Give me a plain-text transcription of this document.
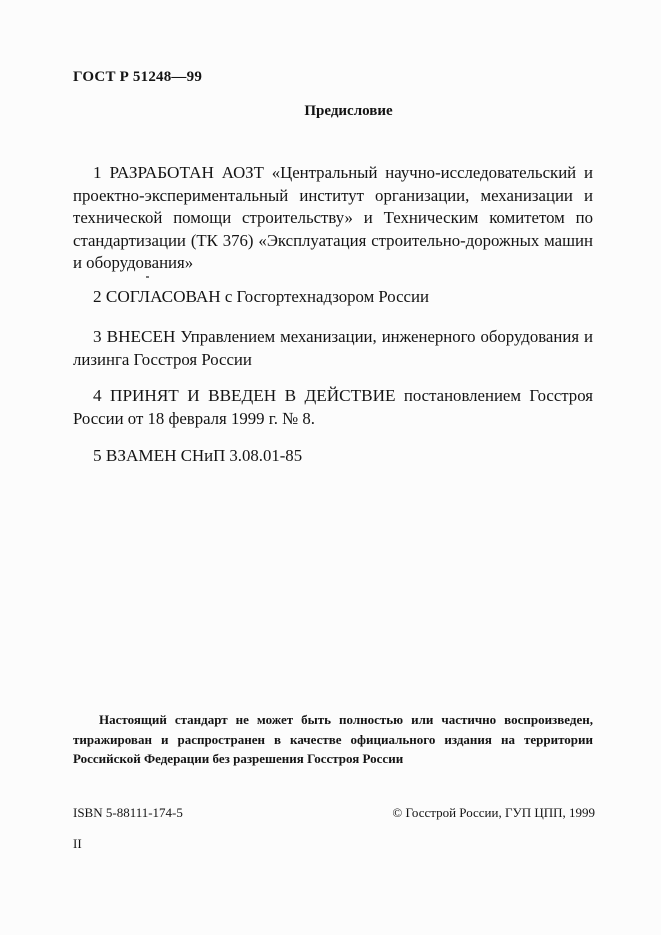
ГОСТ Р 51248—99
Предисловие

1 РАЗРАБОТАН АОЗТ «Центральный научно-исследовательский и проектно-экспериментальный институт организации, механизации и технической помощи строительству» и Техническим комитетом по стандартизации (ТК 376) «Эксплуатация строительно-дорожных машин и оборудования»

2 СОГЛАСОВАН с Госгортехнадзором России

3 ВНЕСЕН Управлением механизации, инженерного оборудования и лизинга Госстроя России

4 ПРИНЯТ И ВВЕДЕН В ДЕЙСТВИЕ постановлением Госстроя России от 18 февраля 1999 г. № 8.

5 ВЗАМЕН СНиП 3.08.01-85

Настоящий стандарт не может быть полностью или частично воспроизведен, тиражирован и распространен в качестве официального издания на территории Российской Федерации без разрешения Госстроя России

ISBN 5-88111-174-5	© Госстрой России, ГУП ЦПП, 1999
II
